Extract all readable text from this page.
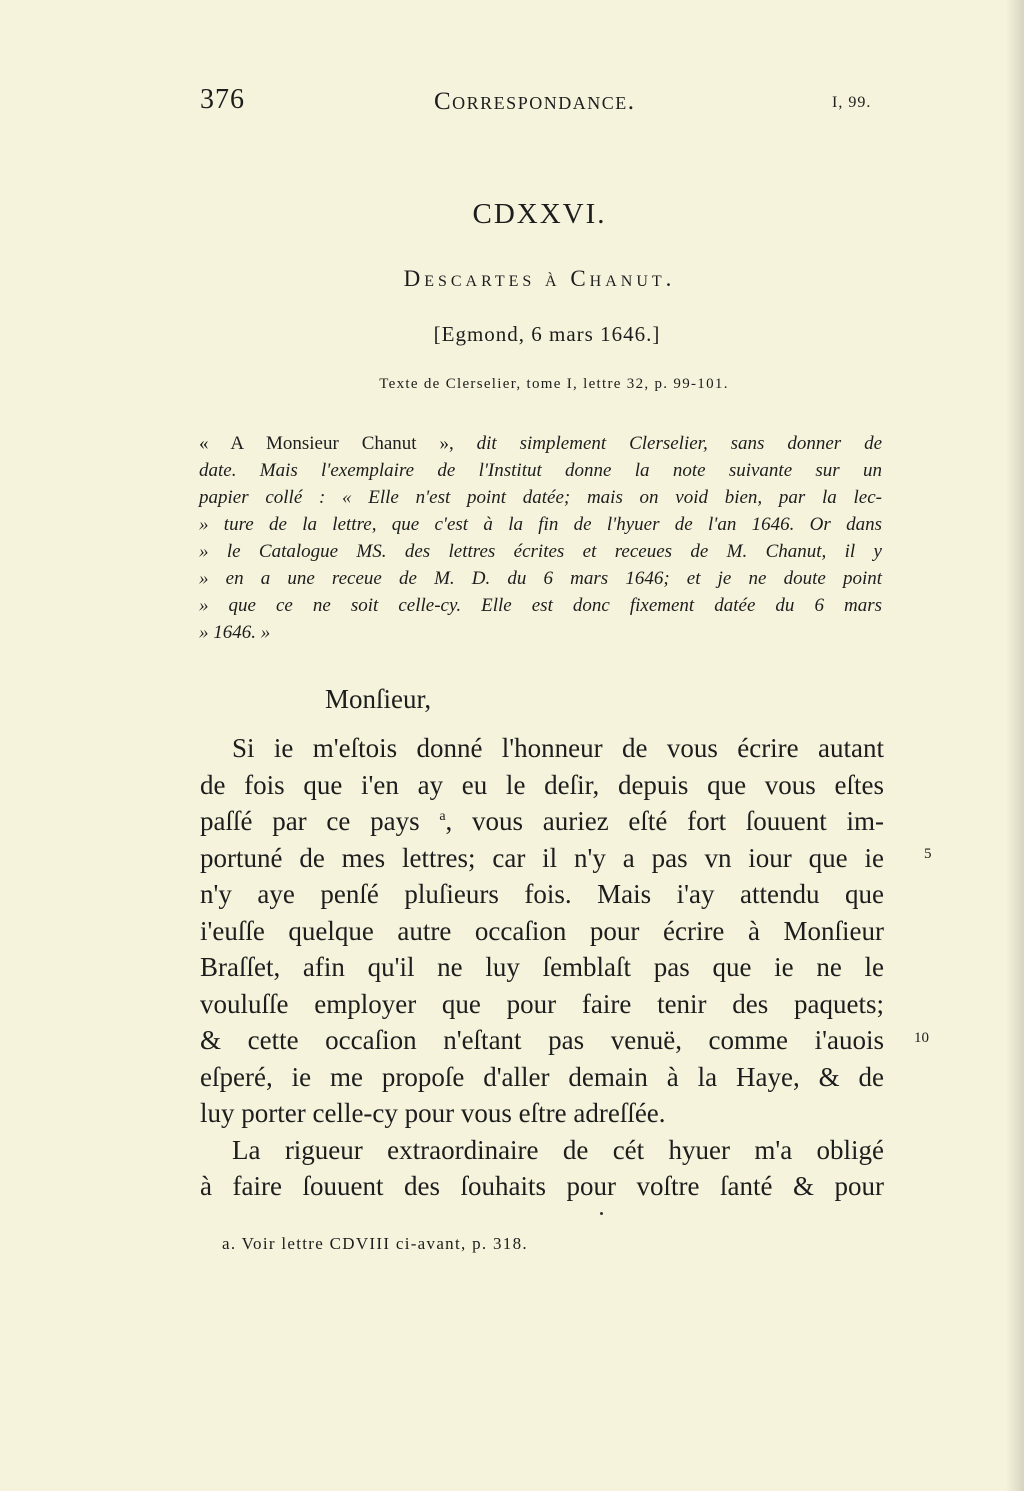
376	Correspondance.	I, 99.
CDXXVI.
Descartes à Chanut.
[Egmond, 6 mars 1646.]
Texte de Clerselier, tome I, lettre 32, p. 99-101.
« A Monsieur Chanut », dit simplement Clerselier, sans donner de
date. Mais l'exemplaire de l'Institut donne la note suivante sur un
papier collé : « Elle n'est point datée; mais on void bien, par la lec-
» ture de la lettre, que c'est à la fin de l'hyuer de l'an 1646. Or dans
» le Catalogue MS. des lettres écrites et receues de M. Chanut, il y
» en a une receue de M. D. du 6 mars 1646; et je ne doute point
» que ce ne soit celle-cy. Elle est donc fixement datée du 6 mars
» 1646. »
Monſieur,
Si ie m'eſtois donné l'honneur de vous écrire autant
de fois que i'en ay eu le deſir, depuis que vous eſtes
paſſé par ce pays $^a$, vous auriez eſté fort ſouuent im-
portuné de mes lettres; car il n'y a pas vn iour que ie
n'y aye penſé pluſieurs fois. Mais i'ay attendu que
i'euſſe quelque autre occaſion pour écrire à Monſieur
Braſſet, afin qu'il ne luy ſemblaſt pas que ie ne le
vouluſſe employer que pour faire tenir des paquets;
& cette occaſion n'eſtant pas venuë, comme i'auois
eſperé, ie me propoſe d'aller demain à la Haye, & de
luy porter celle-cy pour vous eſtre adreſſée.
La rigueur extraordinaire de cét hyuer m'a obligé
à faire ſouuent des ſouhaits pour voſtre ſanté & pour
5
10
a. Voir lettre CDVIII ci-avant, p. 318.
